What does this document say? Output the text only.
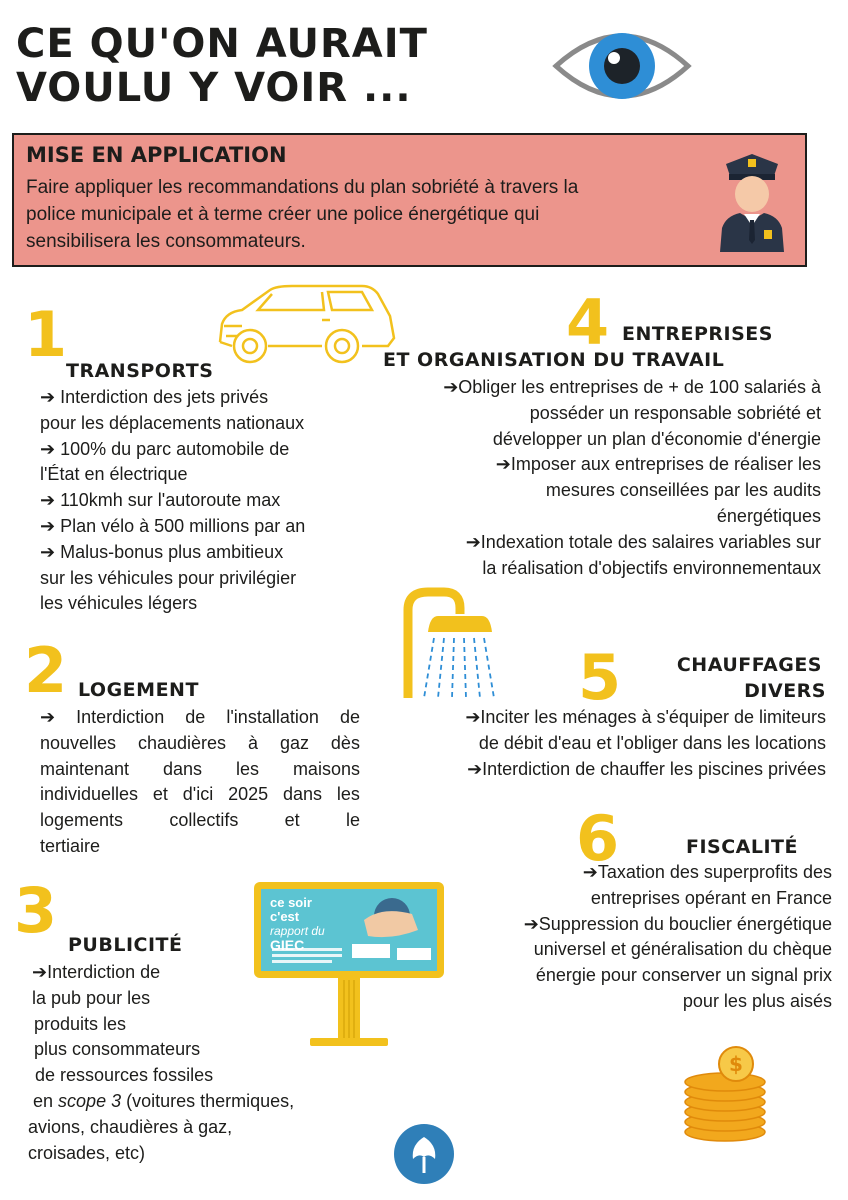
CE QU'ON AURAIT
VOULU Y VOIR ...
MISE EN APPLICATION
Faire appliquer les recommandations du plan sobriété à travers la
police municipale et à terme créer une police énergétique qui
sensibilisera les consommateurs.
1
TRANSPORTS
➔ Interdiction des jets privés
pour les déplacements nationaux
➔ 100% du parc automobile de
l'État en électrique
➔ 110kmh sur l'autoroute max
➔ Plan vélo à 500 millions par an
➔ Malus-bonus plus ambitieux
sur les véhicules pour privilégier
les véhicules légers
4 ENTREPRISES
ET ORGANISATION DU TRAVAIL
➔Obliger les entreprises de + de 100 salariés à
posséder un responsable sobriété et
développer un plan d'économie d'énergie
➔Imposer aux entreprises de réaliser les
mesures conseillées par les audits
énergétiques
➔Indexation totale des salaires variables sur
la réalisation d'objectifs environnementaux
2 LOGEMENT
➔ Interdiction de l'installation de
nouvelles chaudières à gaz dès
maintenant dans les maisons
individuelles et d'ici 2025 dans les
logements	collectifs	et	le
tertiaire
5	CHAUFFAGES
DIVERS
➔Inciter les ménages à s'équiper de limiteurs
de débit d'eau et l'obliger dans les locations
➔Interdiction de chauffer les piscines privées
6	FISCALITÉ
➔Taxation des superprofits des
entreprises opérant en France
➔Suppression du bouclier énergétique
universel et généralisation du chèque
énergie pour conserver un signal prix
pour les plus aisés
3 PUBLICITÉ
➔Interdiction de
la pub pour les
produits les
plus consommateurs
de ressources fossiles
en scope 3 (voitures thermiques,
avions, chaudières à gaz,
croisades, etc)
ce soir
c'est
rapport du
GIEC
$
